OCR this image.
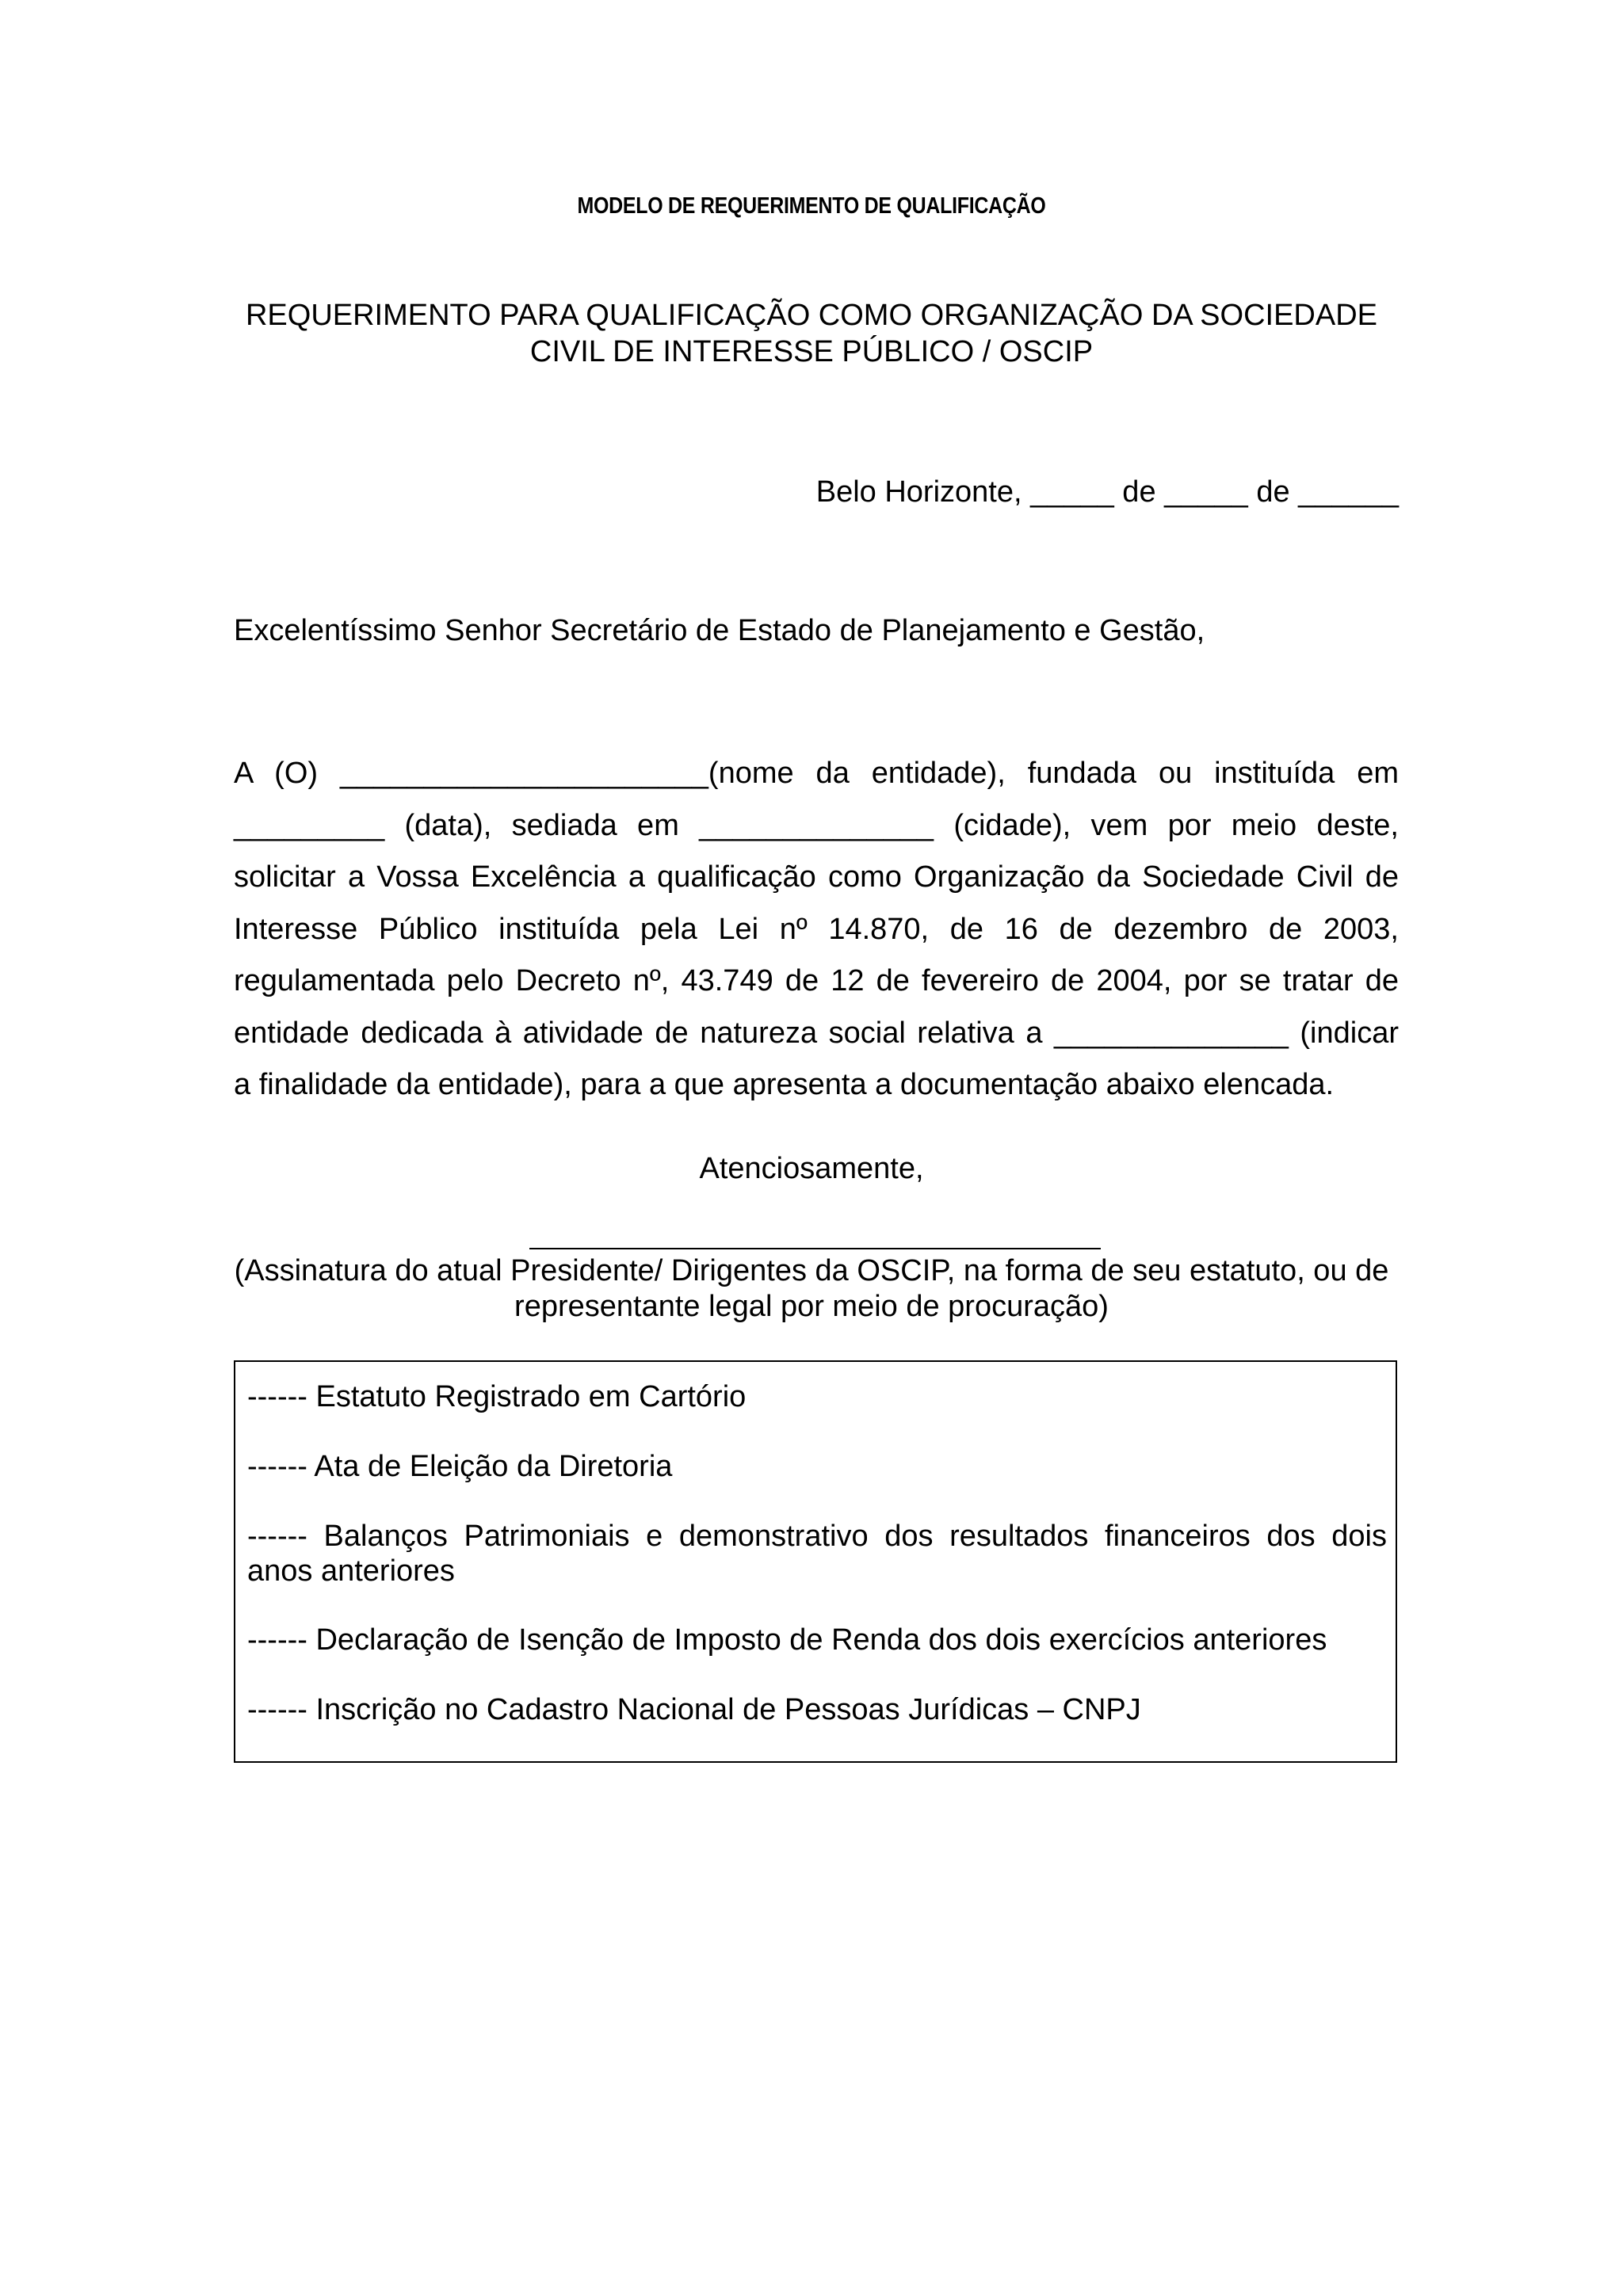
MODELO DE REQUERIMENTO DE QUALIFICAÇÃO
REQUERIMENTO PARA QUALIFICAÇÃO COMO ORGANIZAÇÃO DA SOCIEDADE
CIVIL DE INTERESSE PÚBLICO / OSCIP
Belo Horizonte, _____ de _____ de ______
Excelentíssimo Senhor Secretário de Estado de Planejamento e Gestão,
A (O) ______________________(nome da entidade), fundada ou instituída em
_________ (data), sediada em ______________ (cidade), vem por meio deste,
solicitar a Vossa Excelência a qualificação como Organização da Sociedade Civil de
Interesse Público instituída pela Lei nº 14.870, de 16 de dezembro de 2003,
regulamentada pelo Decreto nº, 43.749 de 12 de fevereiro de 2004, por se tratar de
entidade dedicada à atividade de natureza social relativa a ______________ (indicar
a finalidade da entidade), para a que apresenta a documentação abaixo elencada.
Atenciosamente,
(Assinatura do atual Presidente/ Dirigentes da OSCIP, na forma de seu estatuto, ou de
representante legal por meio de procuração)
------ Estatuto Registrado em Cartório
------ Ata de Eleição da Diretoria
------ Balanços Patrimoniais e demonstrativo dos resultados financeiros dos dois
anos anteriores
------ Declaração de Isenção de Imposto de Renda dos dois exercícios anteriores
------ Inscrição no Cadastro Nacional de Pessoas Jurídicas – CNPJ
